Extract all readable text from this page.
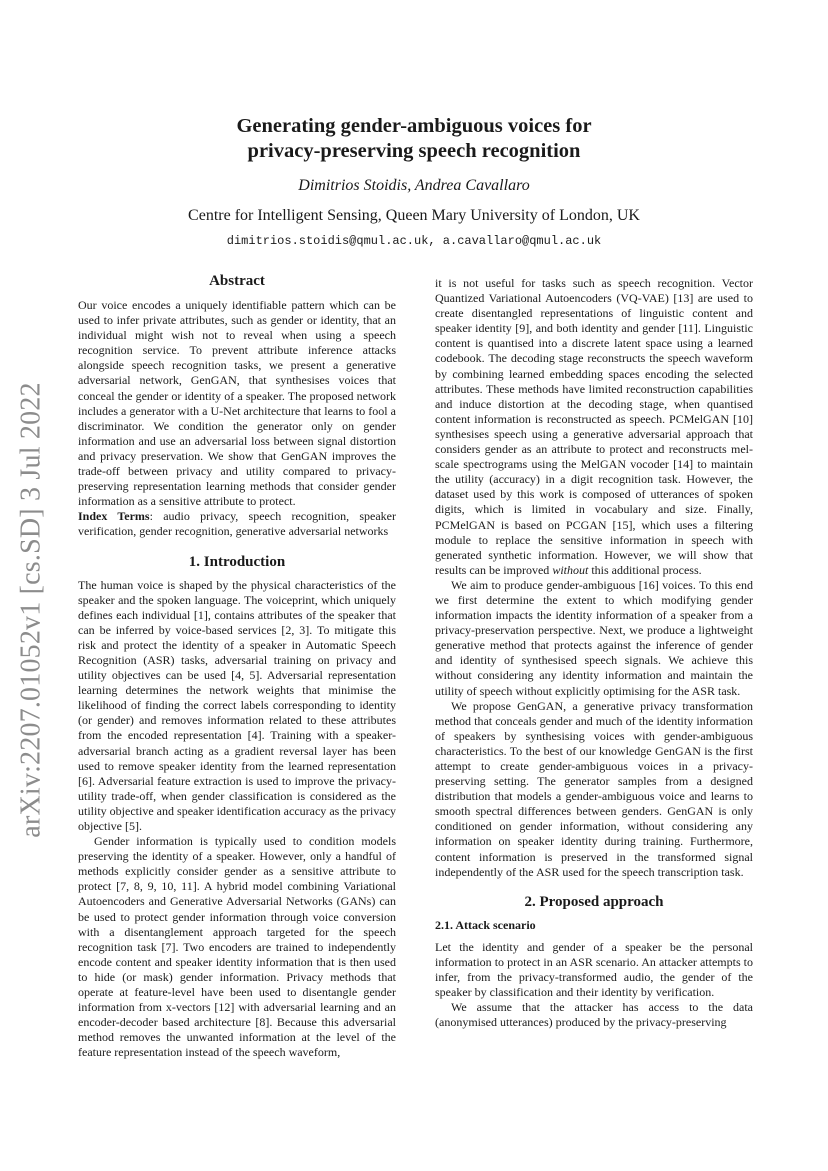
arXiv:2207.01052v1 [cs.SD] 3 Jul 2022
Generating gender-ambiguous voices for
privacy-preserving speech recognition
Dimitrios Stoidis, Andrea Cavallaro
Centre for Intelligent Sensing, Queen Mary University of London, UK
dimitrios.stoidis@qmul.ac.uk, a.cavallaro@qmul.ac.uk
Abstract

Our voice encodes a uniquely identifiable pattern which can be used to infer private attributes, such as gender or identity, that an individual might wish not to reveal when using a speech recognition service. To prevent attribute inference attacks alongside speech recognition tasks, we present a generative adversarial network, GenGAN, that synthesises voices that conceal the gender or identity of a speaker. The proposed network includes a generator with a U-Net architecture that learns to fool a discriminator. We condition the generator only on gender information and use an adversarial loss between signal distortion and privacy preservation. We show that GenGAN improves the trade-off between privacy and utility compared to privacy-preserving representation learning methods that consider gender information as a sensitive attribute to protect.

Index Terms: audio privacy, speech recognition, speaker verification, gender recognition, generative adversarial networks

1. Introduction

The human voice is shaped by the physical characteristics of the speaker and the spoken language. The voiceprint, which uniquely defines each individual [1], contains attributes of the speaker that can be inferred by voice-based services [2, 3]. To mitigate this risk and protect the identity of a speaker in Automatic Speech Recognition (ASR) tasks, adversarial training on privacy and utility objectives can be used [4, 5]. Adversarial representation learning determines the network weights that minimise the likelihood of finding the correct labels corresponding to identity (or gender) and removes information related to these attributes from the encoded representation [4]. Training with a speaker-adversarial branch acting as a gradient reversal layer has been used to remove speaker identity from the learned representation [6]. Adversarial feature extraction is used to improve the privacy-utility trade-off, when gender classification is considered as the utility objective and speaker identification accuracy as the privacy objective [5].

Gender information is typically used to condition models preserving the identity of a speaker. However, only a handful of methods explicitly consider gender as a sensitive attribute to protect [7, 8, 9, 10, 11]. A hybrid model combining Variational Autoencoders and Generative Adversarial Networks (GANs) can be used to protect gender information through voice conversion with a disentanglement approach targeted for the speech recognition task [7]. Two encoders are trained to independently encode content and speaker identity information that is then used to hide (or mask) gender information. Privacy methods that operate at feature-level have been used to disentangle gender information from x-vectors [12] with adversarial learning and an encoder-decoder based architecture [8]. Because this adversarial method removes the unwanted information at the level of the feature representation instead of the speech waveform,

it is not useful for tasks such as speech recognition. Vector Quantized Variational Autoencoders (VQ-VAE) [13] are used to create disentangled representations of linguistic content and speaker identity [9], and both identity and gender [11]. Linguistic content is quantised into a discrete latent space using a learned codebook. The decoding stage reconstructs the speech waveform by combining learned embedding spaces encoding the selected attributes. These methods have limited reconstruction capabilities and induce distortion at the decoding stage, when quantised content information is reconstructed as speech. PCMelGAN [10] synthesises speech using a generative adversarial approach that considers gender as an attribute to protect and reconstructs mel-scale spectrograms using the MelGAN vocoder [14] to maintain the utility (accuracy) in a digit recognition task. However, the dataset used by this work is composed of utterances of spoken digits, which is limited in vocabulary and size. Finally, PCMelGAN is based on PCGAN [15], which uses a filtering module to replace the sensitive information in speech with generated synthetic information. However, we will show that results can be improved without this additional process.

We aim to produce gender-ambiguous [16] voices. To this end we first determine the extent to which modifying gender information impacts the identity information of a speaker from a privacy-preservation perspective. Next, we produce a lightweight generative method that protects against the inference of gender and identity of synthesised speech signals. We achieve this without considering any identity information and maintain the utility of speech without explicitly optimising for the ASR task.

We propose GenGAN, a generative privacy transformation method that conceals gender and much of the identity information of speakers by synthesising voices with gender-ambiguous characteristics. To the best of our knowledge GenGAN is the first attempt to create gender-ambiguous voices in a privacy-preserving setting. The generator samples from a designed distribution that models a gender-ambiguous voice and learns to smooth spectral differences between genders. GenGAN is only conditioned on gender information, without considering any information on speaker identity during training. Furthermore, content information is preserved in the transformed signal independently of the ASR used for the speech transcription task.

2. Proposed approach
2.1. Attack scenario

Let the identity and gender of a speaker be the personal information to protect in an ASR scenario. An attacker attempts to infer, from the privacy-transformed audio, the gender of the speaker by classification and their identity by verification.

We assume that the attacker has access to the data (anonymised utterances) produced by the privacy-preserving
